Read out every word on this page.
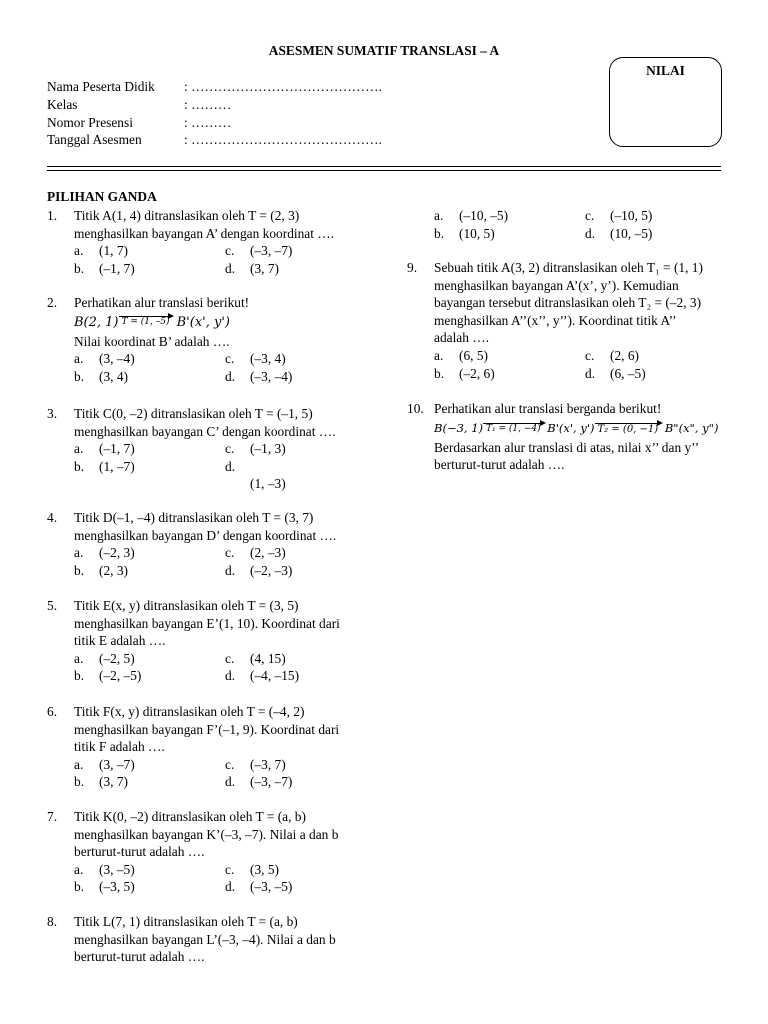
ASESMEN SUMATIF TRANSLASI – A
Nama Peserta Didik : …………………………………….
Kelas	: ………
Nomor Presensi	: ………
Tanggal Asesmen	: …………………………………….
NILAI
PILIHAN GANDA
1. Titik A(1, 4) ditranslasikan oleh T = (2, 3)
menghasilkan bayangan A’ dengan koordinat ….
a. (1, 7)	c. (–3, –7)
b. (–1, 7)	d. (3, 7)
2. Perhatikan alur translasi berikut!
B(2, 1) T = (1, –5) B'(x', y')
Nilai koordinat B’ adalah ….
a. (3, –4)	c. (–3, 4)
b. (3, 4)	d. (–3, –4)
3. Titik C(0, –2) ditranslasikan oleh T = (–1, 5)
menghasilkan bayangan C’ dengan koordinat ….
a. (–1, 7)	c. (–1, 3)
b. (1, –7)	d.
(1, –3)
4. Titik D(–1, –4) ditranslasikan oleh T = (3, 7)
menghasilkan bayangan D’ dengan koordinat ….
a. (–2, 3)	c. (2, –3)
b. (2, 3)	d. (–2, –3)
5. Titik E(x, y) ditranslasikan oleh T = (3, 5)
menghasilkan bayangan E’(1, 10). Koordinat dari
titik E adalah ….
a. (–2, 5)	c. (4, 15)
b. (–2, –5)	d. (–4, –15)
6. Titik F(x, y) ditranslasikan oleh T = (–4, 2)
menghasilkan bayangan F’(–1, 9). Koordinat dari
titik F adalah ….
a. (3, –7)	c. (–3, 7)
b. (3, 7)	d. (–3, –7)
7. Titik K(0, –2) ditranslasikan oleh T = (a, b)
menghasilkan bayangan K’(–3, –7). Nilai a dan b
berturut-turut adalah ….
a. (3, –5)	c. (3, 5)
b. (–3, 5)	d. (–3, –5)
8. Titik L(7, 1) ditranslasikan oleh T = (a, b)
menghasilkan bayangan L’(–3, –4). Nilai a dan b
berturut-turut adalah ….
a. (–10, –5)	c. (–10, 5)
b. (10, 5)	d. (10, –5)
9. Sebuah titik A(3, 2) ditranslasikan oleh T₁ = (1, 1)
menghasilkan bayangan A’(x’, y’). Kemudian
bayangan tersebut ditranslasikan oleh T₂ = (–2, 3)
menghasilkan A’’(x’’, y’’). Koordinat titik A’’
adalah ….
a. (6, 5)	c. (2, 6)
b. (–2, 6)	d. (6, –5)
10. Perhatikan alur translasi berganda berikut!
B(−3, 1) T₁ = (1, −4) B'(x', y') T₂ = (0, −1) B"(x", y")
Berdasarkan alur translasi di atas, nilai x’’ dan y’’
berturut-turut adalah ….
